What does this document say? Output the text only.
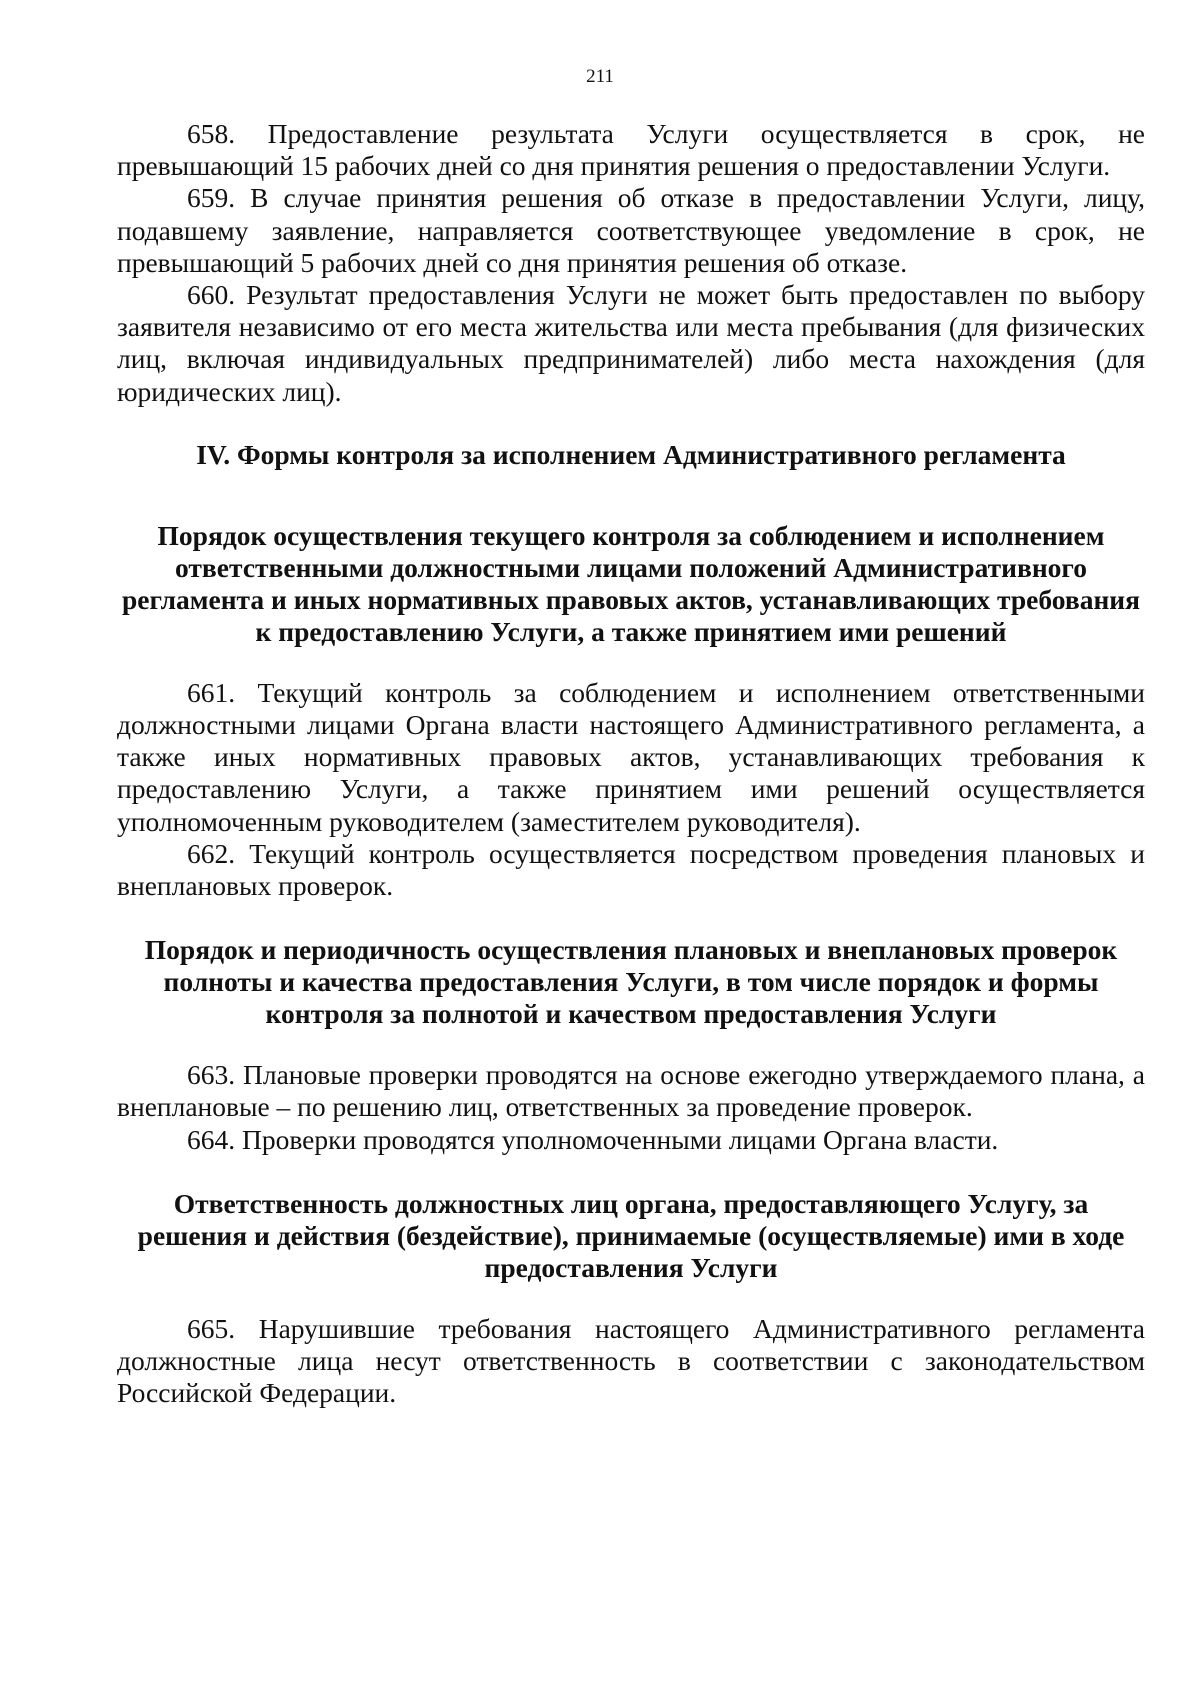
211

658. Предоставление результата Услуги осуществляется в срок, не превышающий 15 рабочих дней со дня принятия решения о предоставлении Услуги.

659. В случае принятия решения об отказе в предоставлении Услуги, лицу, подавшему заявление, направляется соответствующее уведомление в срок, не превышающий 5 рабочих дней со дня принятия решения об отказе.

660. Результат предоставления Услуги не может быть предоставлен по выбору заявителя независимо от его места жительства или места пребывания (для физических лиц, включая индивидуальных предпринимателей) либо места нахождения (для юридических лиц).

IV. Формы контроля за исполнением Административного регламента
Порядок осуществления текущего контроля за соблюдением и исполнением ответственными должностными лицами положений Административного регламента и иных нормативных правовых актов, устанавливающих требования к предоставлению Услуги, а также принятием ими решений

661. Текущий контроль за соблюдением и исполнением ответственными должностными лицами Органа власти настоящего Административного регламента, а также иных нормативных правовых актов, устанавливающих требования к предоставлению Услуги, а также принятием ими решений осуществляется уполномоченным руководителем (заместителем руководителя).

662. Текущий контроль осуществляется посредством проведения плановых и внеплановых проверок.

Порядок и периодичность осуществления плановых и внеплановых проверок полноты и качества предоставления Услуги, в том числе порядок и формы контроля за полнотой и качеством предоставления Услуги

663. Плановые проверки проводятся на основе ежегодно утверждаемого плана, а внеплановые – по решению лиц, ответственных за проведение проверок.

664. Проверки проводятся уполномоченными лицами Органа власти.

Ответственность должностных лиц органа, предоставляющего Услугу, за решения и действия (бездействие), принимаемые (осуществляемые) ими в ходе предоставления Услуги

665. Нарушившие требования настоящего Административного регламента должностные лица несут ответственность в соответствии с законодательством Российской Федерации.
